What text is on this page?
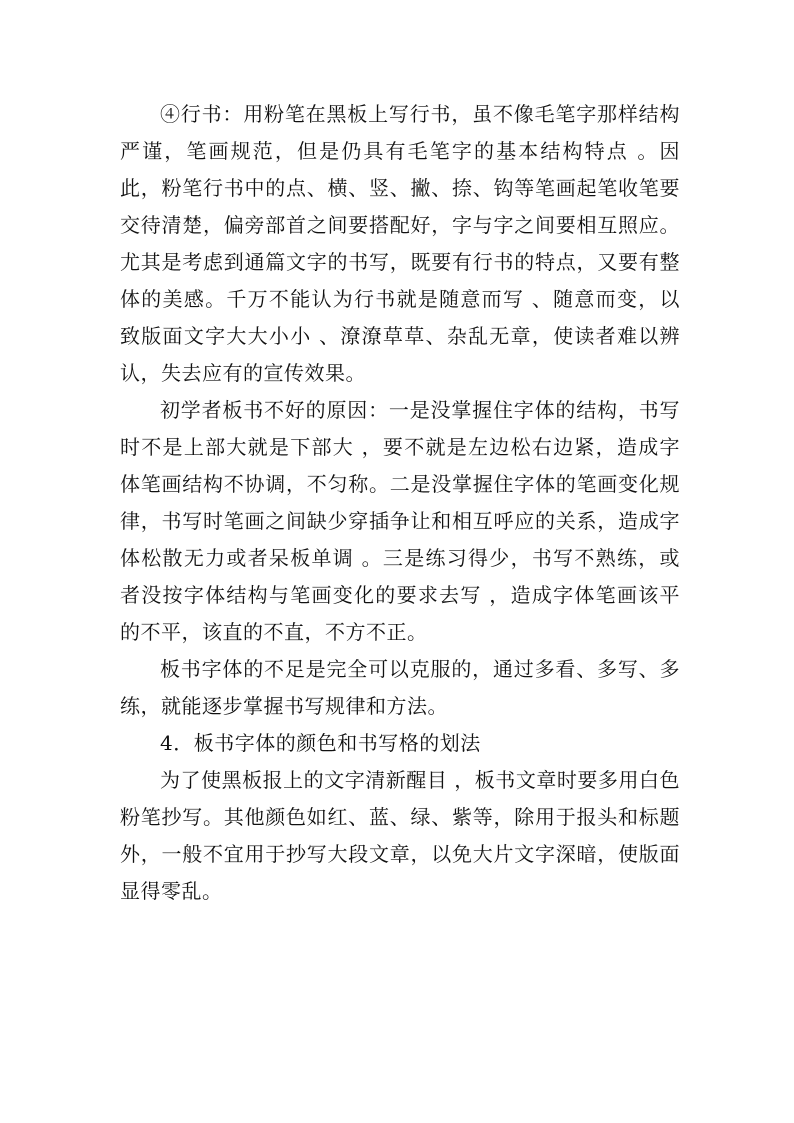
④行书：用粉笔在黑板上写行书，虽不像毛笔字那样结构严谨，笔画规范，但是仍具有毛笔字的基本结构特点 。因此，粉笔行书中的点、横、竖、撇、捺、钩等笔画起笔收笔要交待清楚，偏旁部首之间要搭配好，字与字之间要相互照应。尤其是考虑到通篇文字的书写，既要有行书的特点，又要有整体的美感。千万不能认为行书就是随意而写 、随意而变，以致版面文字大大小小 、潦潦草草、杂乱无章，使读者难以辨认，失去应有的宣传效果。

初学者板书不好的原因：一是没掌握住字体的结构，书写时不是上部大就是下部大 ，要不就是左边松右边紧，造成字体笔画结构不协调，不匀称。二是没掌握住字体的笔画变化规律，书写时笔画之间缺少穿插争让和相互呼应的关系，造成字体松散无力或者呆板单调 。三是练习得少，书写不熟练，或者没按字体结构与笔画变化的要求去写 ，造成字体笔画该平的不平，该直的不直，不方不正。

板书字体的不足是完全可以克服的，通过多看、多写、多练，就能逐步掌握书写规律和方法。

4．板书字体的颜色和书写格的划法

为了使黑板报上的文字清新醒目 ，板书文章时要多用白色粉笔抄写。其他颜色如红、蓝、绿、紫等，除用于报头和标题外，一般不宜用于抄写大段文章，以免大片文字深暗，使版面显得零乱。
